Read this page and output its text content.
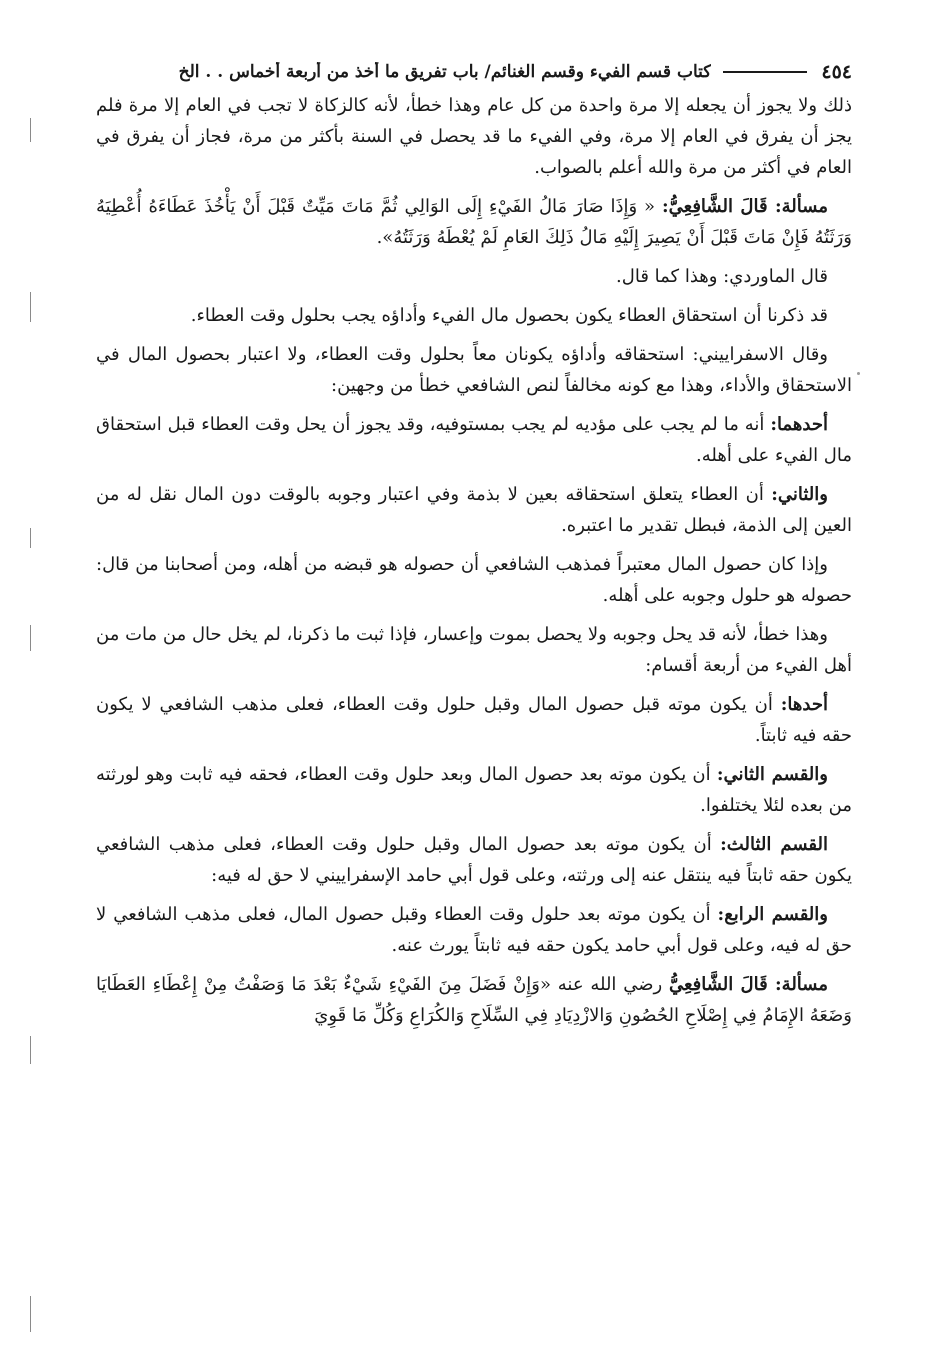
٤٥٤
كتاب قسم الفيء وقسم الغنائم/ باب تفريق ما أخذ من أربعة أخماس . . الخ

ذلك ولا يجوز أن يجعله إلا مرة واحدة من كل عام وهذا خطأ، لأنه كالزكاة لا تجب في العام إلا مرة فلم يجز أن يفرق في العام إلا مرة، وفي الفيء ما قد يحصل في السنة بأكثر من مرة، فجاز أن يفرق في العام في أكثر من مرة والله أعلم بالصواب.

مسألة: قَالَ الشَّافِعِيُّ: « وَإِذَا صَارَ مَالُ الفَيْءِ إِلَى الوَالِي ثُمَّ مَاتَ مَيِّتٌ قَبْلَ أَنْ يَأْخُذَ عَطَاءَهُ أُعْطِيَهُ وَرَثَتُهُ فَإِنْ مَاتَ قَبْلَ أَنْ يَصِيرَ إِلَيْهِ مَالُ ذَلِكَ العَامِ لَمْ يُعْطَهُ وَرَثَتُهُ».

قال الماوردي: وهذا كما قال.

قد ذكرنا أن استحقاق العطاء يكون بحصول مال الفيء وأداؤه يجب بحلول وقت العطاء.

وقال الاسفراييني: استحقاقه وأداؤه يكونان معاً بحلول وقت العطاء، ولا اعتبار بحصول المال في الاستحقاق والأداء، وهذا مع كونه مخالفاً لنص الشافعي خطأ من وجهين:

أحدهما: أنه ما لم يجب على مؤديه لم يجب بمستوفيه، وقد يجوز أن يحل وقت العطاء قبل استحقاق مال الفيء على أهله.

والثاني: أن العطاء يتعلق استحقاقه بعين لا بذمة وفي اعتبار وجوبه بالوقت دون المال نقل له من العين إلى الذمة، فبطل تقدير ما اعتبره.

وإذا كان حصول المال معتبراً فمذهب الشافعي أن حصوله هو قبضه من أهله، ومن أصحابنا من قال: حصوله هو حلول وجوبه على أهله.

وهذا خطأ، لأنه قد يحل وجوبه ولا يحصل بموت وإعسار، فإذا ثبت ما ذكرنا، لم يخل حال من مات من أهل الفيء من أربعة أقسام:

أحدها: أن يكون موته قبل حصول المال وقبل حلول وقت العطاء، فعلى مذهب الشافعي لا يكون حقه فيه ثابتاً.

والقسم الثاني: أن يكون موته بعد حصول المال وبعد حلول وقت العطاء، فحقه فيه ثابت وهو لورثته من بعده لئلا يختلفوا.

القسم الثالث: أن يكون موته بعد حصول المال وقبل حلول وقت العطاء، فعلى مذهب الشافعي يكون حقه ثابتاً فيه ينتقل عنه إلى ورثته، وعلى قول أبي حامد الإسفراييني لا حق له فيه:

والقسم الرابع: أن يكون موته بعد حلول وقت العطاء وقبل حصول المال، فعلى مذهب الشافعي لا حق له فيه، وعلى قول أبي حامد يكون حقه فيه ثابتاً يورث عنه.

مسألة: قَالَ الشَّافِعِيُّ رضي الله عنه «وَإِنْ فَضَلَ مِنَ الفَيْءِ شَيْءٌ بَعْدَ مَا وَصَفْتُ مِنْ إِعْطَاءِ العَطَايَا وَضَعَهُ الإِمَامُ فِي إِصْلَاحِ الحُصُونِ وَالازْدِيَادِ فِي السِّلَاحِ وَالكُرَاعِ وَكُلِّ مَا قَوِيَ
